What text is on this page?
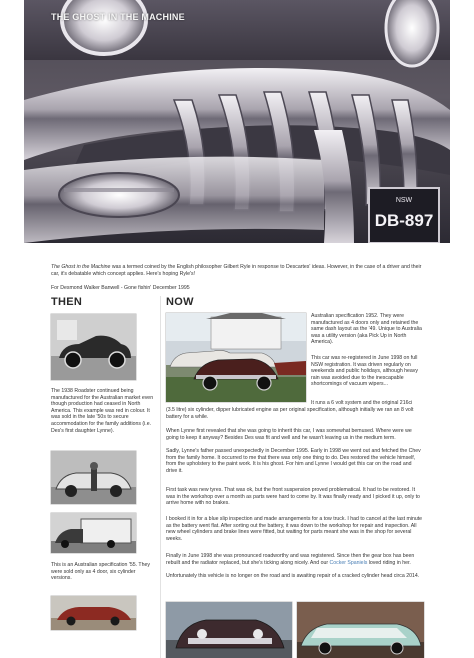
NSW
DB-897
THE GHOST IN THE MACHINE
The Ghost in the Machine was a termed coined by the English philosopher Gilbert Ryle in response to Descartes' ideas. However, in the case of a driver and their car, it's debatable which concept applies. Here's hoping Ryle's!
For Desmond Walker Banwell - Gone fishin' December 1995
THEN	NOW
The 1938 Roadster continued being manufactured for the Australian market even though production had ceased in North America. This example was red in colour. It was sold in the late '50s to secure accommodation for the family additions (i.e. Des's first daughter Lynne).
This is an Australian specification '55. They were sold only as 4 door, six cylinder versions.
Australian specification 1952. They were manufactured as 4 doors only and retained the same dash layout as the '49. Unique to Australia was a utility version (aka Pick Up in North America).
This car was re-registered in June 1998 on full NSW registration. It was driven regularly on weekends and public holidays, although heavy rain was avoided due to the inescapable shortcomings of vacuum wipers...
It runs a 6 volt system and the original 216ci
(3.5 litre) six cylinder, dipper lubricated engine as per original specification, although initially we ran an 8 volt battery for a while.
When Lynne first revealed that she was going to inherit this car, I was somewhat bemused. Where were we going to keep it anyway? Besides Des was fit and well and he wasn't leaving us in the medium term.
Sadly, Lynne's father passed unexpectedly in December 1995. Early in 1998 we went out and fetched the Chev from the family home. It occurred to me that there was only one thing to do. Des restored the vehicle himself, from the upholstery to the paint work. It is his ghost. For him and Lynne I would get this car on the road and drive it.
First task was new tyres. That was ok, but the front suspension proved problematical. It had to be restored. It was in the workshop over a month as parts were hard to come by. It was finally ready and I picked it up, only to arrive home with no brakes.
I booked it in for a blue slip inspection and made arrangements for a tow truck. I had to cancel at the last minute as the battery went flat. After sorting out the battery, it was down to the workshop for repair and inspection. All new wheel cylinders and brake lines were fitted, but waiting for parts meant she was in the shop for several weeks.
Finally in June 1998 she was pronounced roadworthy and was registered. Since then the gear box has been rebuilt and the radiator replaced, but she's ticking along nicely. And our Cocker Spaniels loved riding in her.
Unfortunately this vehicle is no longer on the road and is awaiting repair of a cracked cylinder head circa 2014.
